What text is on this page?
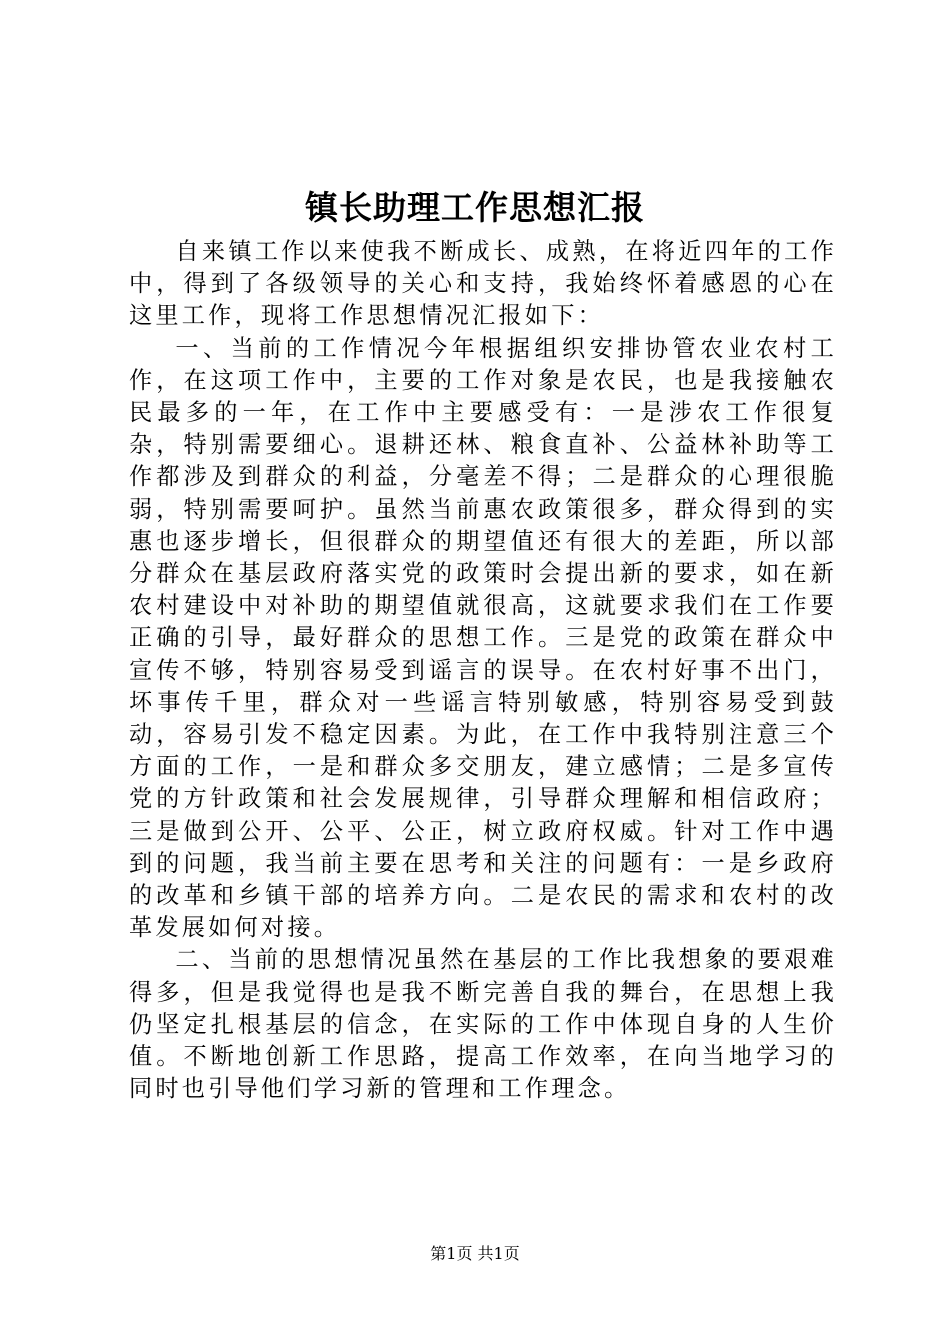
镇长助理工作思想汇报

自来镇工作以来使我不断成长、成熟，在将近四年的工作中，得到了各级领导的关心和支持，我始终怀着感恩的心在这里工作，现将工作思想情况汇报如下：

一、当前的工作情况今年根据组织安排协管农业农村工作，在这项工作中，主要的工作对象是农民，也是我接触农民最多的一年，在工作中主要感受有：一是涉农工作很复杂，特别需要细心。退耕还林、粮食直补、公益林补助等工作都涉及到群众的利益，分毫差不得；二是群众的心理很脆弱，特别需要呵护。虽然当前惠农政策很多，群众得到的实惠也逐步增长，但很群众的期望值还有很大的差距，所以部分群众在基层政府落实党的政策时会提出新的要求，如在新农村建设中对补助的期望值就很高，这就要求我们在工作要正确的引导，最好群众的思想工作。三是党的政策在群众中宣传不够，特别容易受到谣言的误导。在农村好事不出门，坏事传千里，群众对一些谣言特别敏感，特别容易受到鼓动，容易引发不稳定因素。为此，在工作中我特别注意三个方面的工作，一是和群众多交朋友，建立感情；二是多宣传党的方针政策和社会发展规律，引导群众理解和相信政府；三是做到公开、公平、公正，树立政府权威。针对工作中遇到的问题，我当前主要在思考和关注的问题有：一是乡政府的改革和乡镇干部的培养方向。二是农民的需求和农村的改革发展如何对接。

二、当前的思想情况虽然在基层的工作比我想象的要艰难得多，但是我觉得也是我不断完善自我的舞台，在思想上我仍坚定扎根基层的信念，在实际的工作中体现自身的人生价值。不断地创新工作思路，提高工作效率，在向当地学习的同时也引导他们学习新的管理和工作理念。

第1页 共1页
